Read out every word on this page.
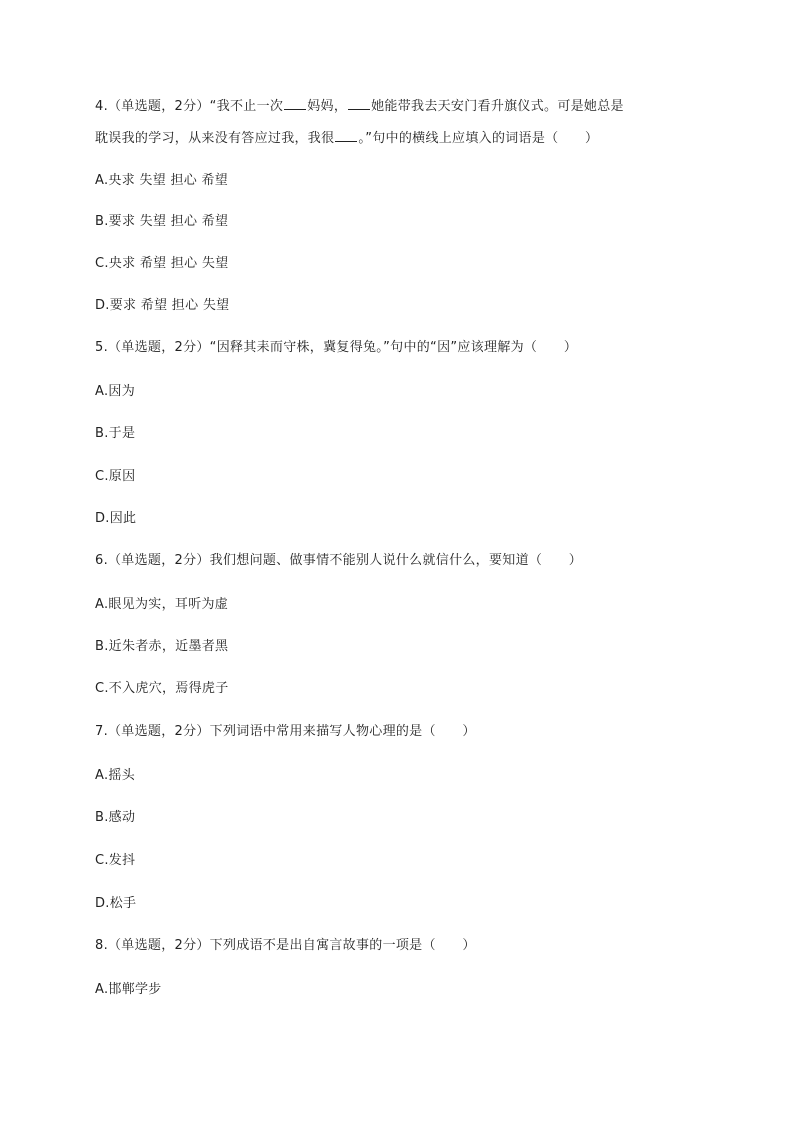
4.（单选题，2分）“我不止一次 妈妈， 她能带我去天安门看升旗仪式。可是她总是
耽误我的学习，从来没有答应过我，我很 。”句中的横线上应填入的词语是（　　）
A.央求 失望 担心 希望
B.要求 失望 担心 希望
C.央求 希望 担心 失望
D.要求 希望 担心 失望
5.（单选题，2分）“因释其耒而守株，冀复得兔。”句中的“因”应该理解为（　　）
A.因为
B.于是
C.原因
D.因此
6.（单选题，2分）我们想问题、做事情不能别人说什么就信什么，要知道（　　）
A.眼见为实，耳听为虚
B.近朱者赤，近墨者黑
C.不入虎穴，焉得虎子
7.（单选题，2分）下列词语中常用来描写人物心理的是（　　）
A.摇头
B.感动
C.发抖
D.松手
8.（单选题，2分）下列成语不是出自寓言故事的一项是（　　）
A.邯郸学步
